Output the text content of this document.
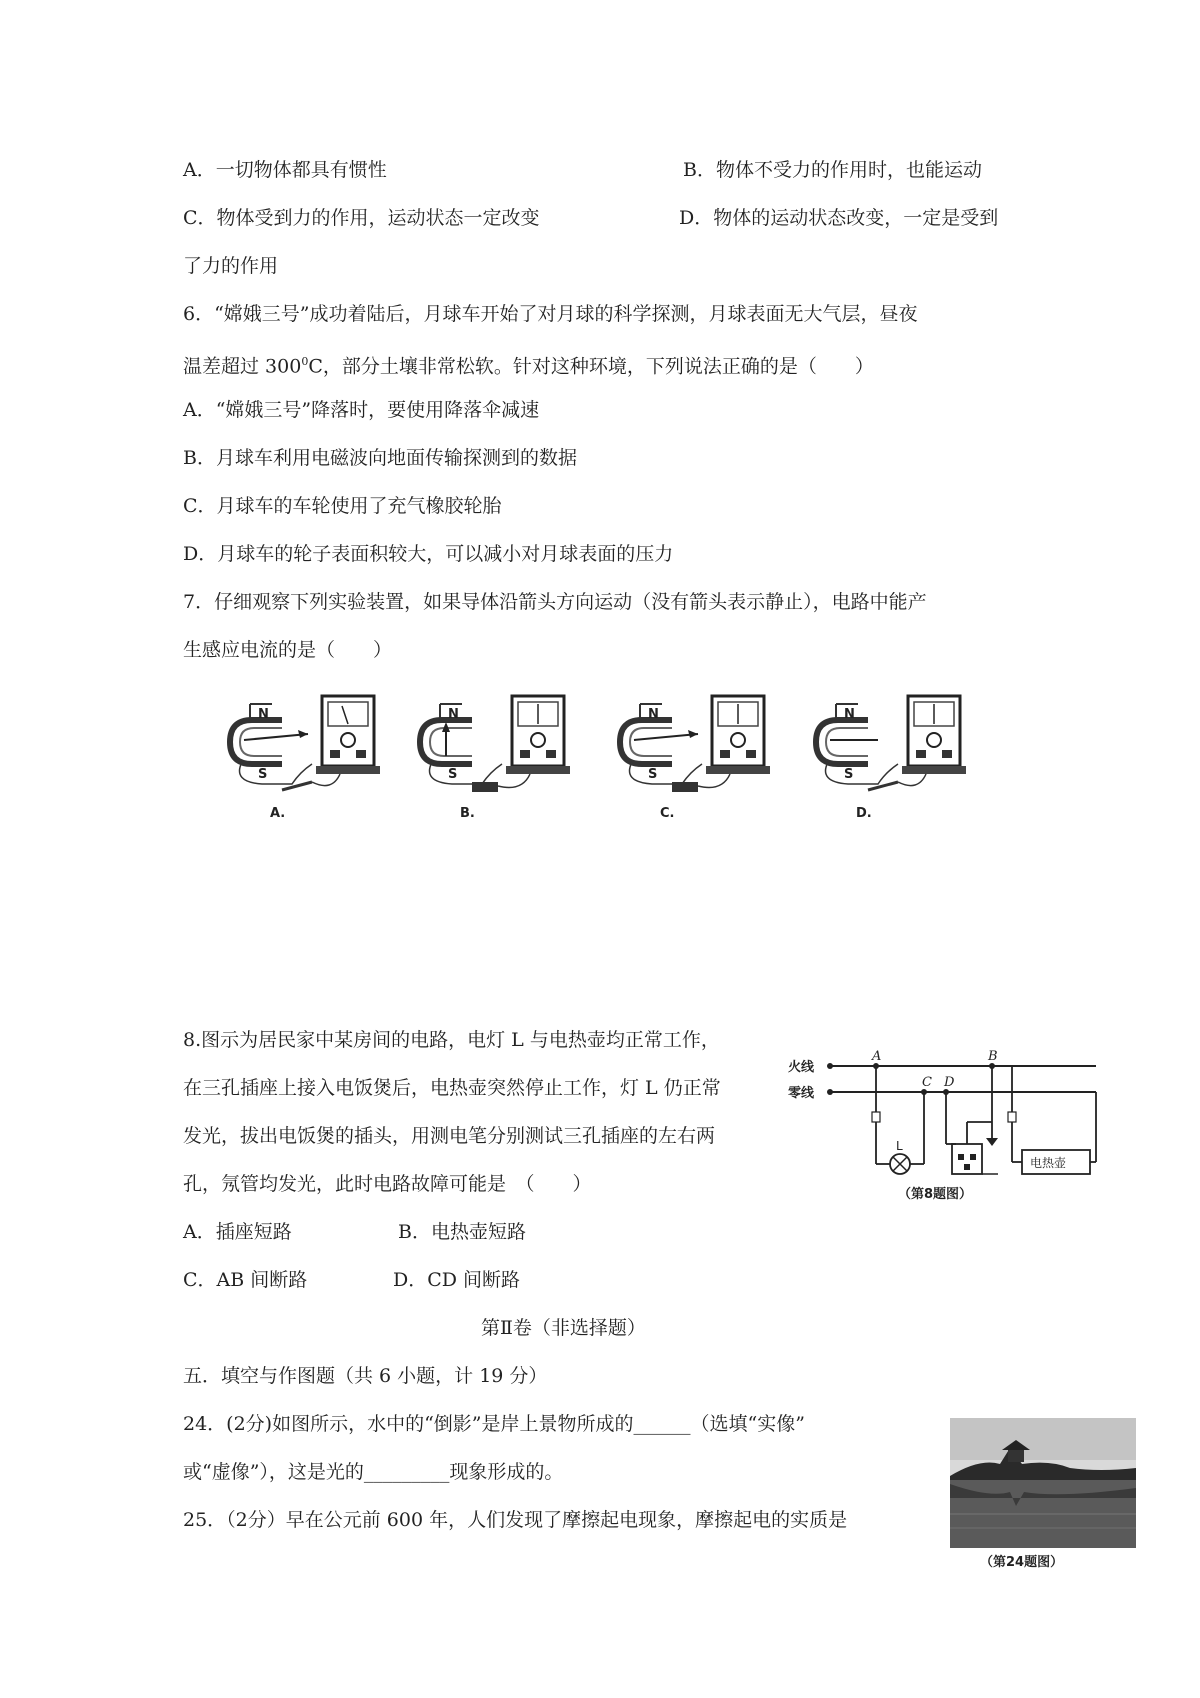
A．一切物体都具有惯性	B．物体不受力的作用时，也能运动
C．物体受到力的作用，运动状态一定改变	D．物体的运动状态改变，一定是受到
了力的作用
6．“嫦娥三号”成功着陆后，月球车开始了对月球的科学探测，月球表面无大气层，昼夜
温差超过 $300^0C$，部分土壤非常松软。针对这种环境，下列说法正确的是（　　）
A．“嫦娥三号”降落时，要使用降落伞减速
B．月球车利用电磁波向地面传输探测到的数据
C．月球车的车轮使用了充气橡胶轮胎
D．月球车的轮子表面积较大，可以减小对月球表面的压力
7．仔细观察下列实验装置，如果导体沿箭头方向运动（没有箭头表示静止），电路中能产
生感应电流的是（　　）
N
S
A.
N
S
B.
N
S
C.
N
S
D.
8.图示为居民家中某房间的电路，电灯 L 与电热壶均正常工作，
在三孔插座上接入电饭煲后，电热壶突然停止工作，灯 L 仍正常
发光，拔出电饭煲的插头，用测电笔分别测试三孔插座的左右两
孔，氖管均发光，此时电路故障可能是　（　　）
火线
零线
A	B
C D
L
电热壶
（第8题图）
A．插座短路	B．电热壶短路
C．AB 间断路	D．CD 间断路
第Ⅱ卷（非选择题）
五．填空与作图题（共 6 小题，计 19 分）
24．(2分)如图所示，水中的“倒影”是岸上景物所成的______（选填“实像”
或“虚像”），这是光的_________现象形成的。
（第24题图）
25．（2分）早在公元前 600 年，人们发现了摩擦起电现象，摩擦起电的实质是
